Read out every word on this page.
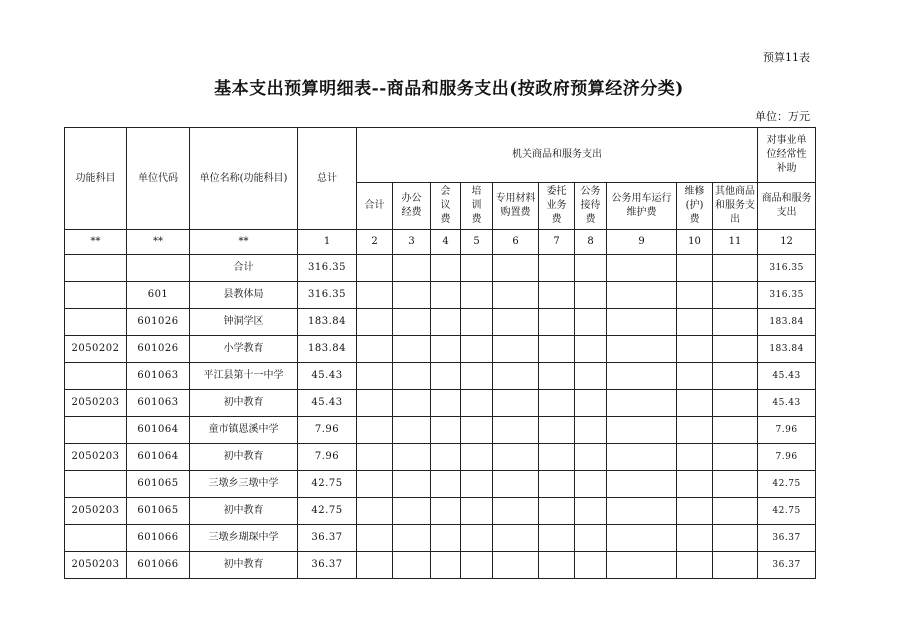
预算11表
基本支出预算明细表--商品和服务支出(按政府预算经济分类)
单位：万元
功能科目	单位代码	单位名称(功能科目)	总计	机关商品和服务支出										对事业单位经常性补助
				合计	办公经费	会议费	培训费	专用材料购置费	委托业务费	公务接待费	公务用车运行维护费	维修(护)费	其他商品和服务支出	商品和服务支出
**	**	**	1	2	3	4	5	6	7	8	9	10	11	12
		合计	316.35											316.35
	601	县教体局	316.35											316.35
	601026	钟洞学区	183.84											183.84
2050202	601026	小学教育	183.84											183.84
	601063	平江县第十一中学	45.43											45.43
2050203	601063	初中教育	45.43											45.43
	601064	童市镇恩溪中学	7.96											7.96
2050203	601064	初中教育	7.96											7.96
	601065	三墩乡三墩中学	42.75											42.75
2050203	601065	初中教育	42.75											42.75
	601066	三墩乡瑚琛中学	36.37											36.37
2050203	601066	初中教育	36.37											36.37
